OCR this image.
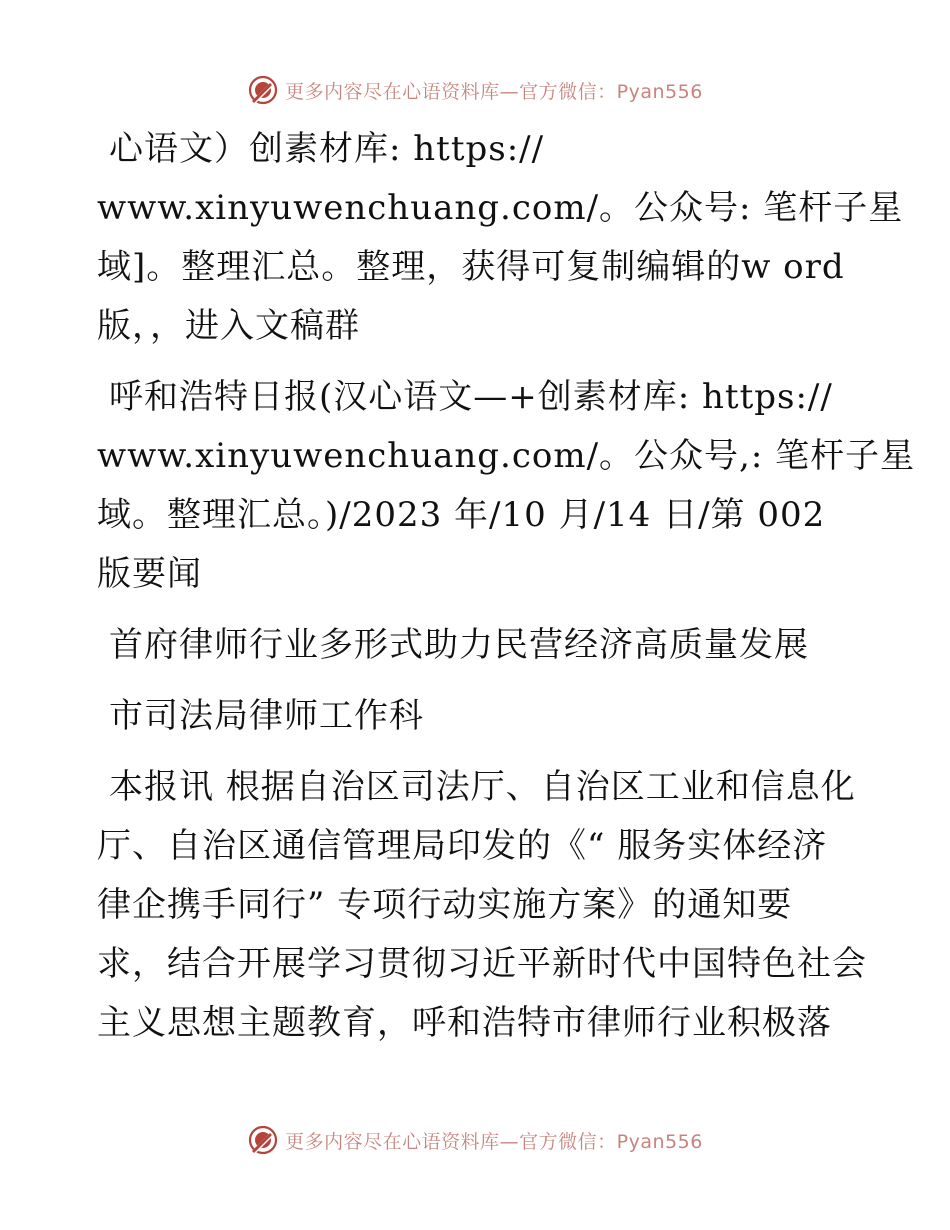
更多内容尽在心语资料库—官方微信：Pyan556
心语文）创素材库: https://
www.xinyuwenchuang.com/。公众号: 笔杆子星
域]。整理汇总。整理，获得可复制编辑的w ord
版，，进入文稿群
呼和浩特日报(汉心语文—+创素材库: https://
www.xinyuwenchuang.com/。公众号,: 笔杆子星
域。整理汇总。)/2023 年/10 月/14 日/第 002
版要闻
首府律师行业多形式助力民营经济高质量发展
市司法局律师工作科
本报讯 根据自治区司法厅、自治区工业和信息化
厅、自治区通信管理局印发的《“ 服务实体经济
律企携手同行” 专项行动实施方案》的通知要
求，结合开展学习贯彻习近平新时代中国特色社会
主义思想主题教育，呼和浩特市律师行业积极落
更多内容尽在心语资料库—官方微信：Pyan556
